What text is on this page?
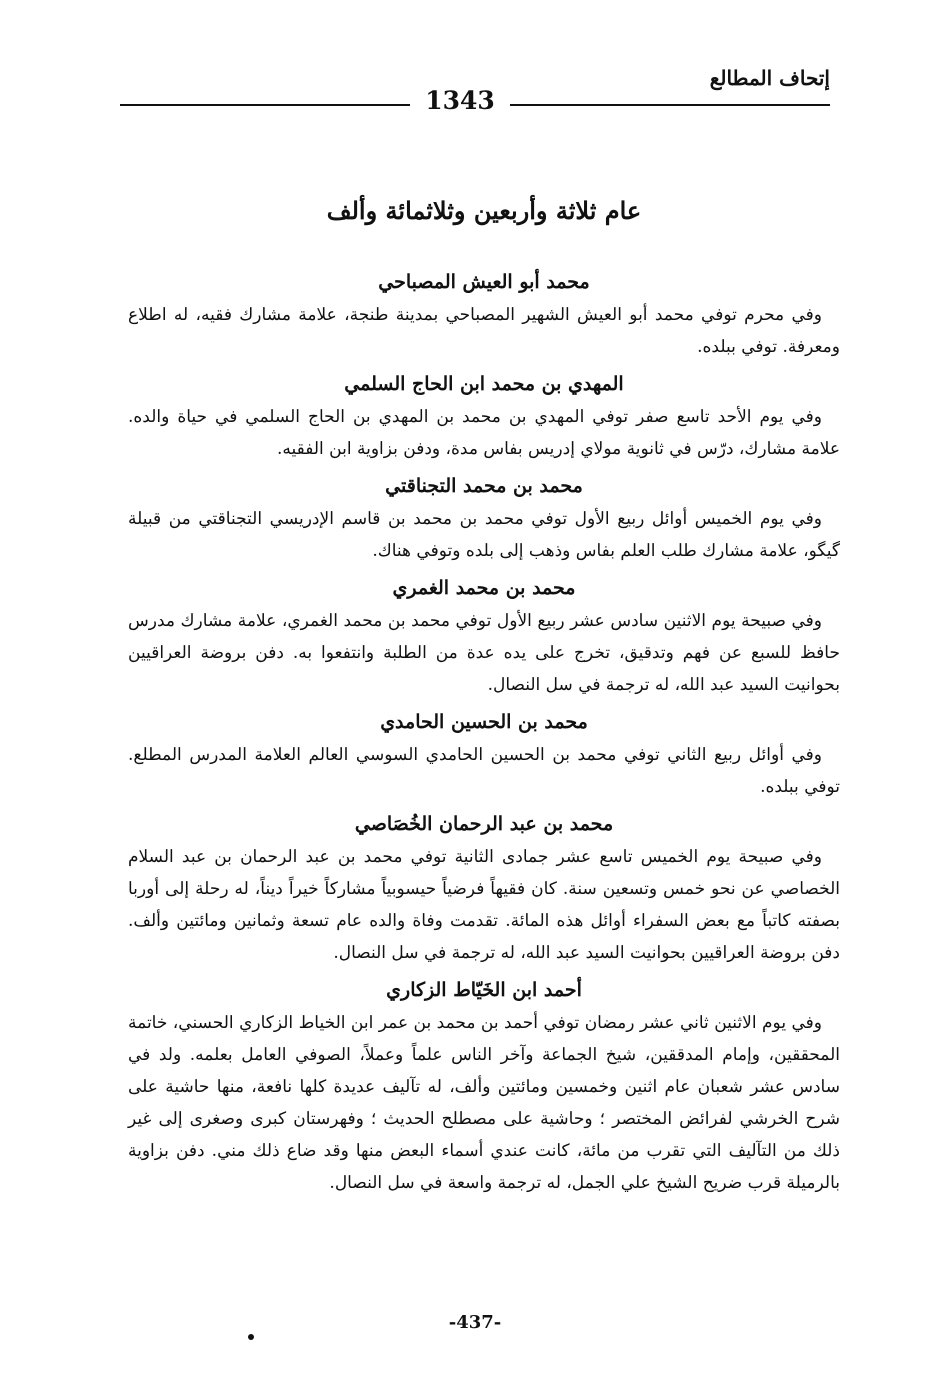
إتحاف المطالع
1343
عام ثلاثة وأربعين وثلاثمائة وألف
محمد أبو العيش المصباحي

وفي محرم توفي محمد أبو العيش الشهير المصباحي بمدينة طنجة، علامة مشارك فقيه، له اطلاع ومعرفة. توفي ببلده.

المهدي بن محمد ابن الحاج السلمي

وفي يوم الأحد تاسع صفر توفي المهدي بن محمد بن المهدي بن الحاج السلمي في حياة والده. علامة مشارك، درّس في ثانوية مولاي إدريس بفاس مدة، ودفن بزاوية ابن الفقيه.

محمد بن محمد التجناقتي

وفي يوم الخميس أوائل ربيع الأول توفي محمد بن محمد بن قاسم الإدريسي التجناقتي من قبيلة گيگو، علامة مشارك طلب العلم بفاس وذهب إلى بلده وتوفي هناك.

محمد بن محمد الغمري

وفي صبيحة يوم الاثنين سادس عشر ربيع الأول توفي محمد بن محمد الغمري، علامة مشارك مدرس حافظ للسبع عن فهم وتدقيق، تخرج على يده عدة من الطلبة وانتفعوا به. دفن بروضة العراقيين بحوانيت السيد عبد الله، له ترجمة في سل النصال.

محمد بن الحسين الحامدي

وفي أوائل ربيع الثاني توفي محمد بن الحسين الحامدي السوسي العالم العلامة المدرس المطلع. توفي ببلده.

محمد بن عبد الرحمان الخُصَاصي

وفي صبيحة يوم الخميس تاسع عشر جمادى الثانية توفي محمد بن عبد الرحمان بن عبد السلام الخصاصي عن نحو خمس وتسعين سنة. كان فقيهاً فرضياً حيسوبياً مشاركاً خيراً ديناً، له رحلة إلى أوربا بصفته كاتباً مع بعض السفراء أوائل هذه المائة. تقدمت وفاة والده عام تسعة وثمانين ومائتين وألف. دفن بروضة العراقيين بحوانيت السيد عبد الله، له ترجمة في سل النصال.

أحمد ابن الخَيّاط الزكاري

وفي يوم الاثنين ثاني عشر رمضان توفي أحمد بن محمد بن عمر ابن الخياط الزكاري الحسني، خاتمة المحققين، وإمام المدققين، شيخ الجماعة وآخر الناس علماً وعملاً، الصوفي العامل بعلمه. ولد في سادس عشر شعبان عام اثنين وخمسين ومائتين وألف، له تآليف عديدة كلها نافعة، منها حاشية على شرح الخرشي لفرائض المختصر ؛ وحاشية على مصطلح الحديث ؛ وفهرستان كبرى وصغرى إلى غير ذلك من التآليف التي تقرب من مائة، كانت عندي أسماء البعض منها وقد ضاع ذلك مني. دفن بزاوية بالرميلة قرب ضريح الشيخ علي الجمل، له ترجمة واسعة في سل النصال.

-437-
